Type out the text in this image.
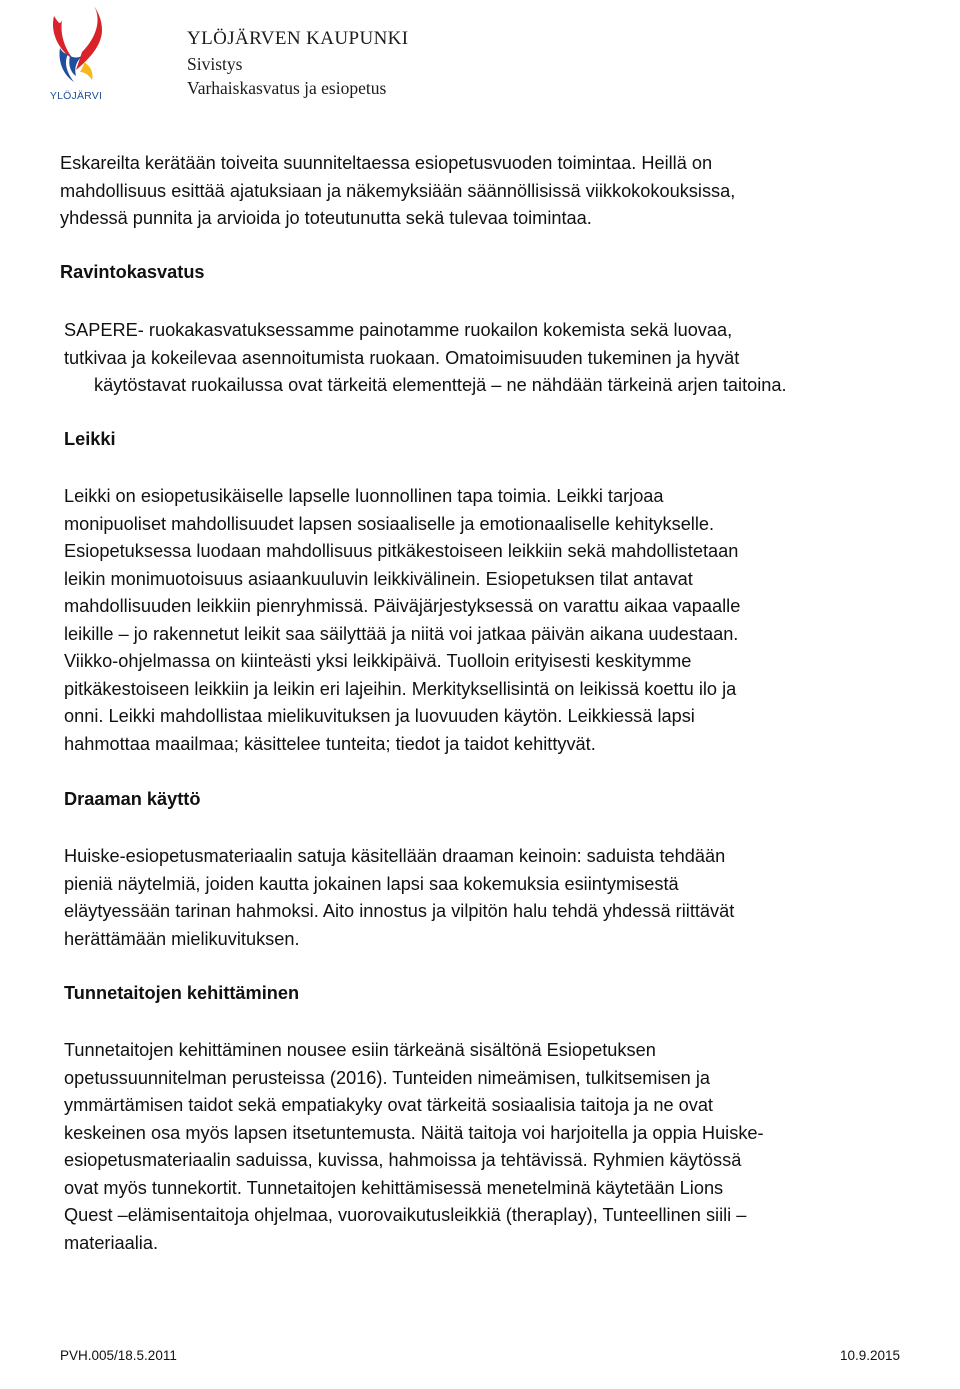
YLÖJÄRVI
YLÖJÄRVEN KAUPUNKI
Sivistys
Varhaiskasvatus ja esiopetus
Eskareilta kerätään toiveita suunniteltaessa esiopetusvuoden toimintaa. Heillä on
mahdollisuus esittää ajatuksiaan ja näkemyksiään säännöllisissä viikkokokouksissa,
yhdessä punnita ja arvioida jo toteutunutta sekä tulevaa toimintaa.
Ravintokasvatus
SAPERE- ruokakasvatuksessamme painotamme ruokailon kokemista sekä luovaa,
tutkivaa ja kokeilevaa asennoitumista ruokaan. Omatoimisuuden tukeminen ja hyvät
käytöstavat ruokailussa ovat tärkeitä elementtejä – ne nähdään tärkeinä arjen taitoina.
Leikki
Leikki on esiopetusikäiselle lapselle luonnollinen tapa toimia. Leikki tarjoaa
monipuoliset mahdollisuudet lapsen sosiaaliselle ja emotionaaliselle kehitykselle.
Esiopetuksessa luodaan mahdollisuus pitkäkestoiseen leikkiin sekä mahdollistetaan
leikin monimuotoisuus asiaankuuluvin leikkivälinein. Esiopetuksen tilat antavat
mahdollisuuden leikkiin pienryhmissä. Päiväjärjestyksessä on varattu aikaa vapaalle
leikille – jo rakennetut leikit saa säilyttää ja niitä voi jatkaa päivän aikana uudestaan.
Viikko-ohjelmassa on kiinteästi yksi leikkipäivä. Tuolloin erityisesti keskitymme
pitkäkestoiseen leikkiin ja leikin eri lajeihin. Merkityksellisintä on leikissä koettu ilo ja
onni. Leikki mahdollistaa mielikuvituksen ja luovuuden käytön. Leikkiessä lapsi
hahmottaa maailmaa; käsittelee tunteita; tiedot ja taidot kehittyvät.
Draaman käyttö
Huiske-esiopetusmateriaalin satuja käsitellään draaman keinoin: saduista tehdään
pieniä näytelmiä, joiden kautta jokainen lapsi saa kokemuksia esiintymisestä
eläytyessään tarinan hahmoksi. Aito innostus ja vilpitön halu tehdä yhdessä riittävät
herättämään mielikuvituksen.
Tunnetaitojen kehittäminen
Tunnetaitojen kehittäminen nousee esiin tärkeänä sisältönä Esiopetuksen
opetussuunnitelman perusteissa (2016). Tunteiden nimeämisen, tulkitsemisen ja
ymmärtämisen taidot sekä empatiakyky ovat tärkeitä sosiaalisia taitoja ja ne ovat
keskeinen osa myös lapsen itsetuntemusta. Näitä taitoja voi harjoitella ja oppia Huiske-
esiopetusmateriaalin saduissa, kuvissa, hahmoissa ja tehtävissä. Ryhmien käytössä
ovat myös tunnekortit. Tunnetaitojen kehittämisessä menetelminä käytetään Lions
Quest –elämisentaitoja ohjelmaa, vuorovaikutusleikkiä (theraplay), Tunteellinen siili –
materiaalia.
PVH.005/18.5.2011	10.9.2015
